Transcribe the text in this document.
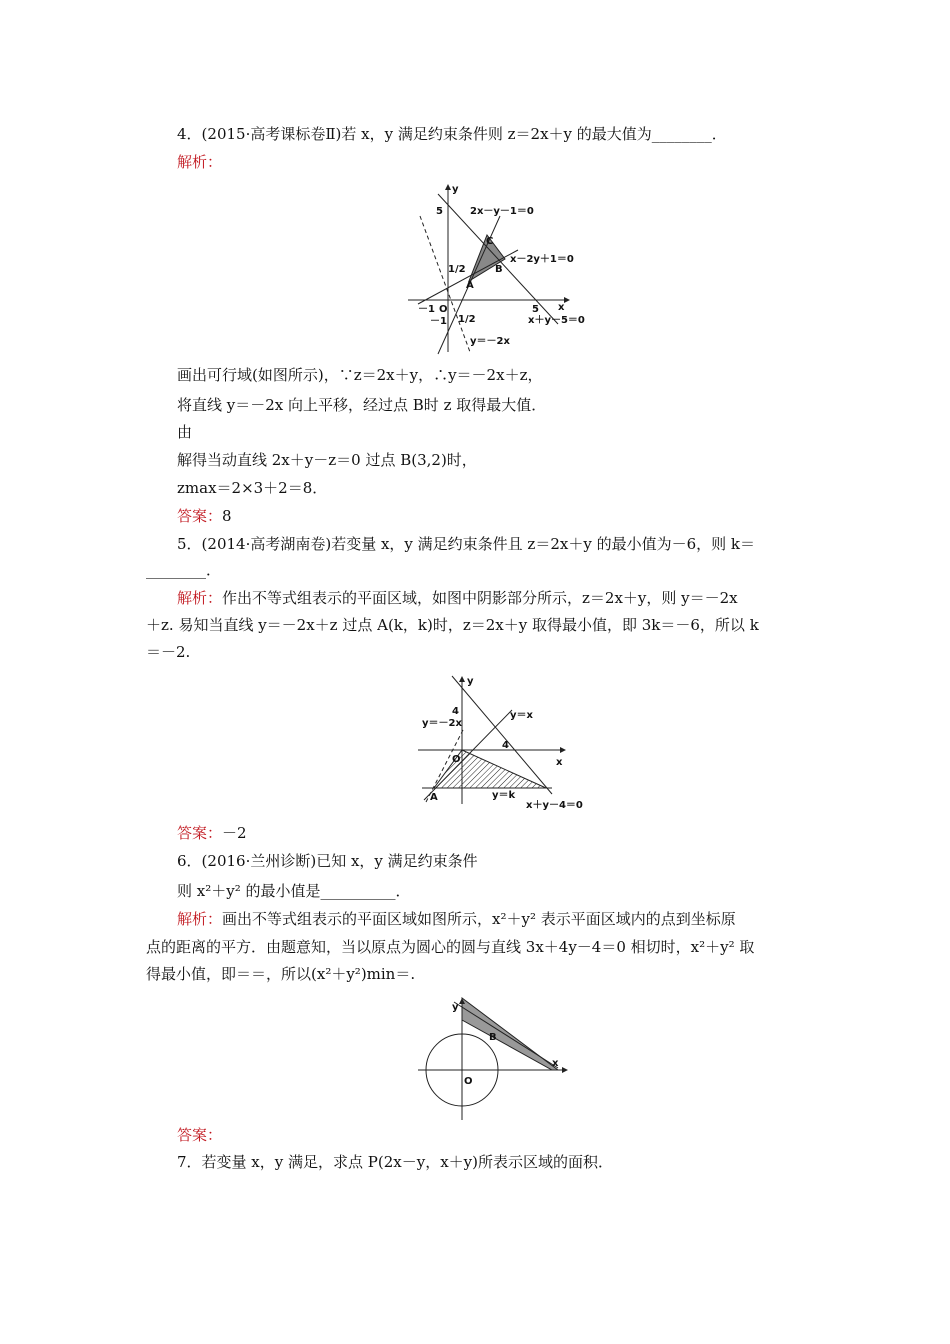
4．(2015·高考课标卷Ⅱ)若 x，y 满足约束条件则 z＝2x＋y 的最大值为________．
解析：
y
x
5
5
－1 O
－1
1/2
1/2
2x－y－1＝0
x－2y＋1＝0
x＋y－5＝0
y＝－2x
A
B
C
画出可行域(如图所示)，∵z＝2x＋y，∴y＝－2x＋z，
将直线 y＝－2x 向上平移，经过点 B时 z 取得最大值．
由
解得当动直线 2x＋y－z＝0 过点 B(3,2)时，
zmax＝2×3＋2＝8．
答案：8
5．(2014·高考湖南卷)若变量 x，y 满足约束条件且 z＝2x＋y 的最小值为－6，则 k＝
________．
解析：作出不等式组表示的平面区域，如图中阴影部分所示，z＝2x＋y，则 y＝－2x
＋z. 易知当直线 y＝－2x＋z 过点 A(k，k)时，z＝2x＋y 取得最小值，即 3k＝－6，所以 k
＝－2.
y
x
4
4
O
A
y＝x
y＝－2x
y＝k
x＋y－4＝0
答案：－2
6．(2016·兰州诊断)已知 x，y 满足约束条件
则 x²＋y² 的最小值是__________．
解析：画出不等式组表示的平面区域如图所示，x²＋y² 表示平面区域内的点到坐标原
点的距离的平方．由题意知，当以原点为圆心的圆与直线 3x＋4y－4＝0 相切时，x²＋y² 取
得最小值，即＝＝，所以(x²＋y²)min＝.
y
x
O
B
答案：
7．若变量 x，y 满足，求点 P(2x－y，x＋y)所表示区域的面积．
